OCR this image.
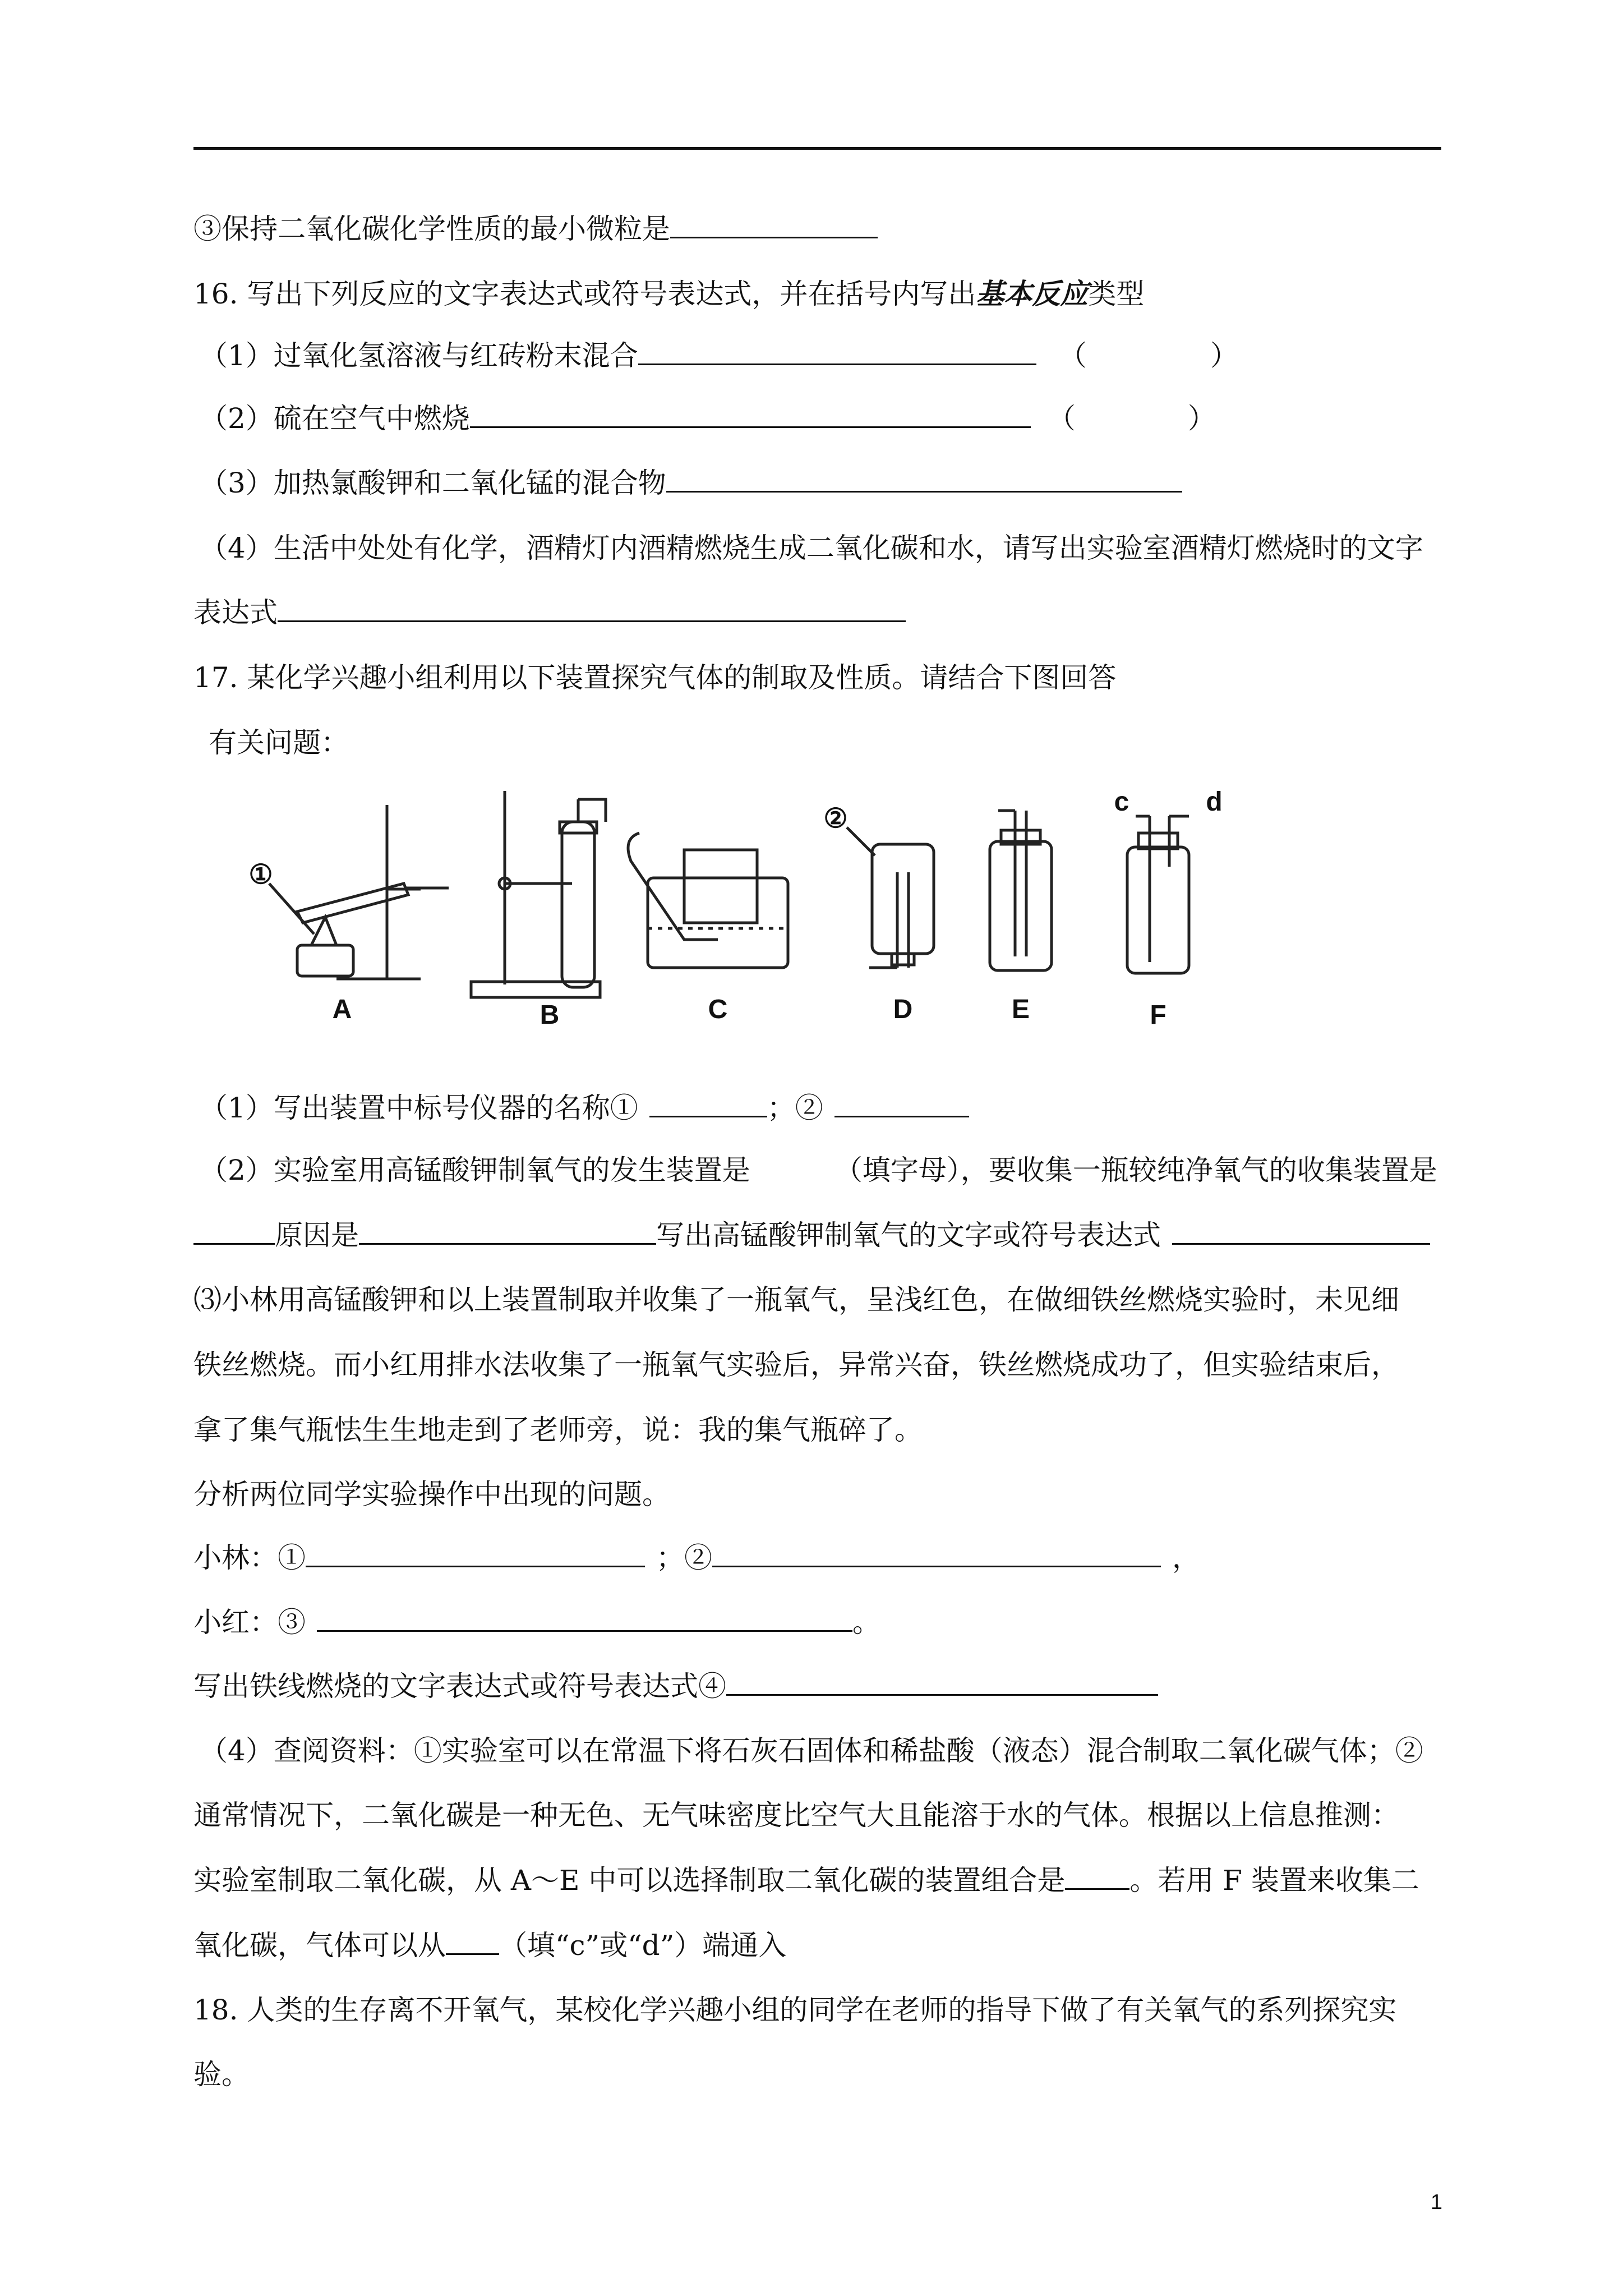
③保持二氧化碳化学性质的最小微粒是
16. 写出下列反应的文字表达式或符号表达式，并在括号内写出基本反应类型
（1）过氧化氢溶液与红砖粉末混合	（	）
（2）硫在空气中燃烧	（	）
（3）加热氯酸钾和二氧化锰的混合物
（4）生活中处处有化学，酒精灯内酒精燃烧生成二氧化碳和水，请写出实验室酒精灯燃烧时的文字
表达式
17. 某化学兴趣小组利用以下装置探究气体的制取及性质。请结合下图回答
有关问题：
A	B	C	D	E	F
①
②
c	d
（1）写出装置中标号仪器的名称①	；②
（2）实验室用高锰酸钾制氧气的发生装置是	（填字母），要收集一瓶较纯净氧气的收集装置是
原因是	写出高锰酸钾制氧气的文字或符号表达式
⑶小林用高锰酸钾和以上装置制取并收集了一瓶氧气，呈浅红色，在做细铁丝燃烧实验时，未见细
铁丝燃烧。而小红用排水法收集了一瓶氧气实验后，异常兴奋，铁丝燃烧成功了，但实验结束后，
拿了集气瓶怯生生地走到了老师旁，说：我的集气瓶碎了。
分析两位同学实验操作中出现的问题。
小林：①	；②	，
小红：③	。
写出铁线燃烧的文字表达式或符号表达式④
（4）查阅资料：①实验室可以在常温下将石灰石固体和稀盐酸（液态）混合制取二氧化碳气体；②
通常情况下，二氧化碳是一种无色、无气味密度比空气大且能溶于水的气体。根据以上信息推测：
实验室制取二氧化碳，从 A～E 中可以选择制取二氧化碳的装置组合是 。若用 F 装置来收集二
氧化碳，气体可以从 （填“c”或“d”）端通入
18. 人类的生存离不开氧气，某校化学兴趣小组的同学在老师的指导下做了有关氧气的系列探究实
验。
1
